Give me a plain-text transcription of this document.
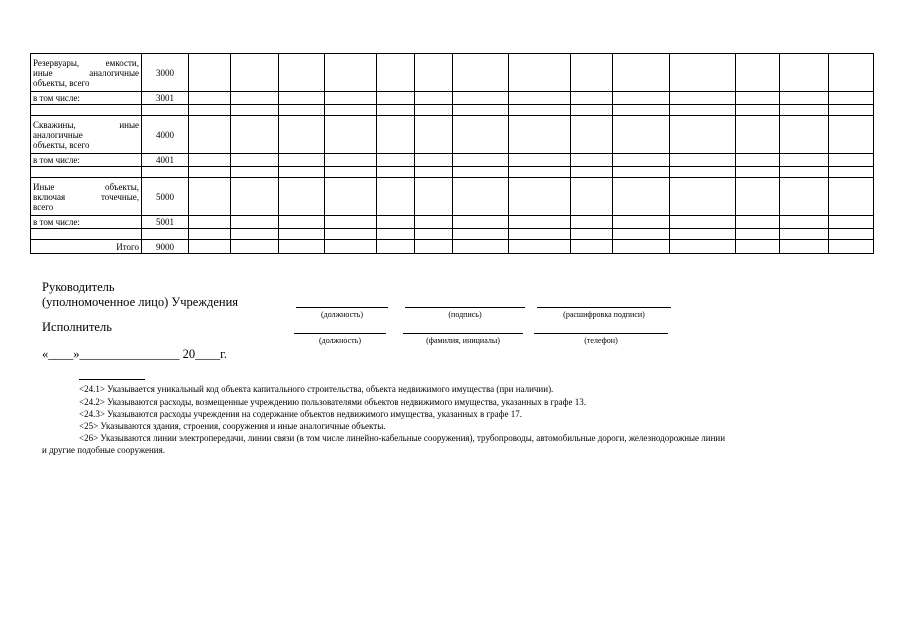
Резервуары, емкости,
иные аналогичные
объекты, всего	3000														
в том числе:	3001														

Скважины, иные
аналогичные
объекты, всего	4000														
в том числе:	4001														

Иные объекты,
включая точечные,
всего	5000														
в том числе:	5001														

Итого	9000														
Руководитель
(уполномоченное лицо) Учреждения
(должность)	(подпись)	(расшифровка подписи)
Исполнитель
(должность)	(фамилия, инициалы)	(телефон)
«____»________________ 20____г.
<24.1> Указывается уникальный код объекта капитального строительства, объекта недвижимого имущества (при наличии).
<24.2> Указываются расходы, возмещенные учреждению пользователями объектов недвижимого имущества, указанных в графе 13.
<24.3> Указываются расходы учреждения на содержание объектов недвижимого имущества, указанных в графе 17.
<25> Указываются здания, строения, сооружения и иные аналогичные объекты.
<26> Указываются линии электропередачи, линии связи (в том числе линейно-кабельные сооружения), трубопроводы, автомобильные дороги, железнодорожные линии
и другие подобные сооружения.
